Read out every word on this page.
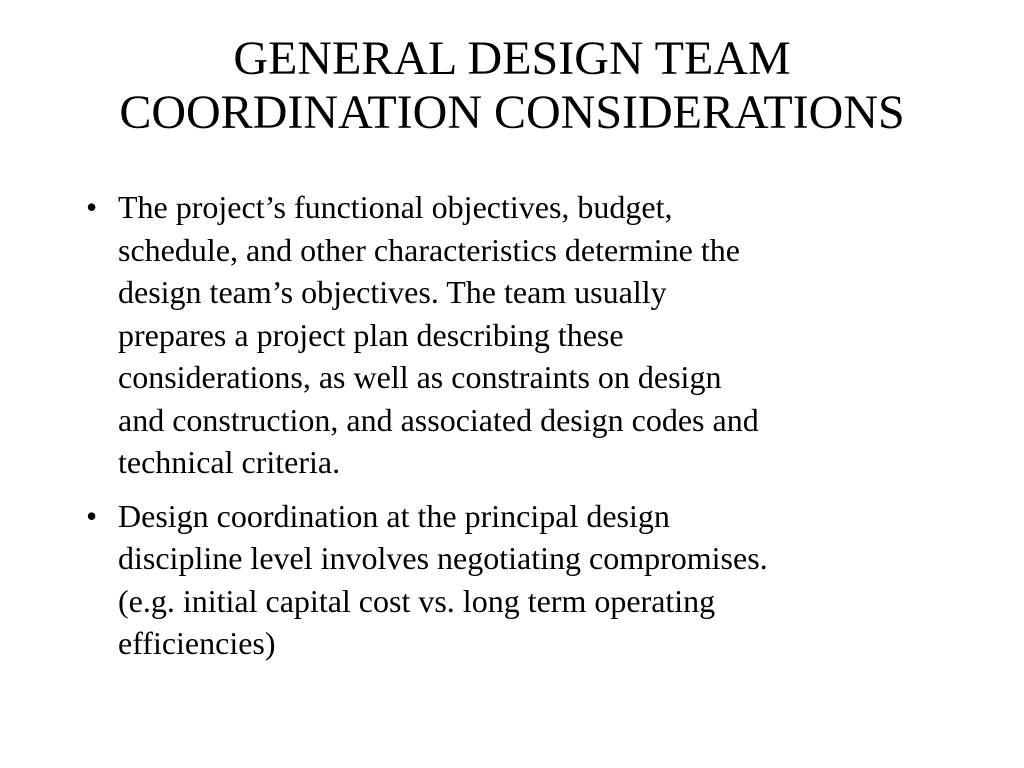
GENERAL DESIGN TEAM
COORDINATION CONSIDERATIONS
• The project’s functional objectives, budget,
schedule, and other characteristics determine the
design team’s objectives. The team usually
prepares a project plan describing these
considerations, as well as constraints on design
and construction, and associated design codes and
technical criteria.
• Design coordination at the principal design
discipline level involves negotiating compromises.
(e.g. initial capital cost vs. long term operating
efficiencies)
